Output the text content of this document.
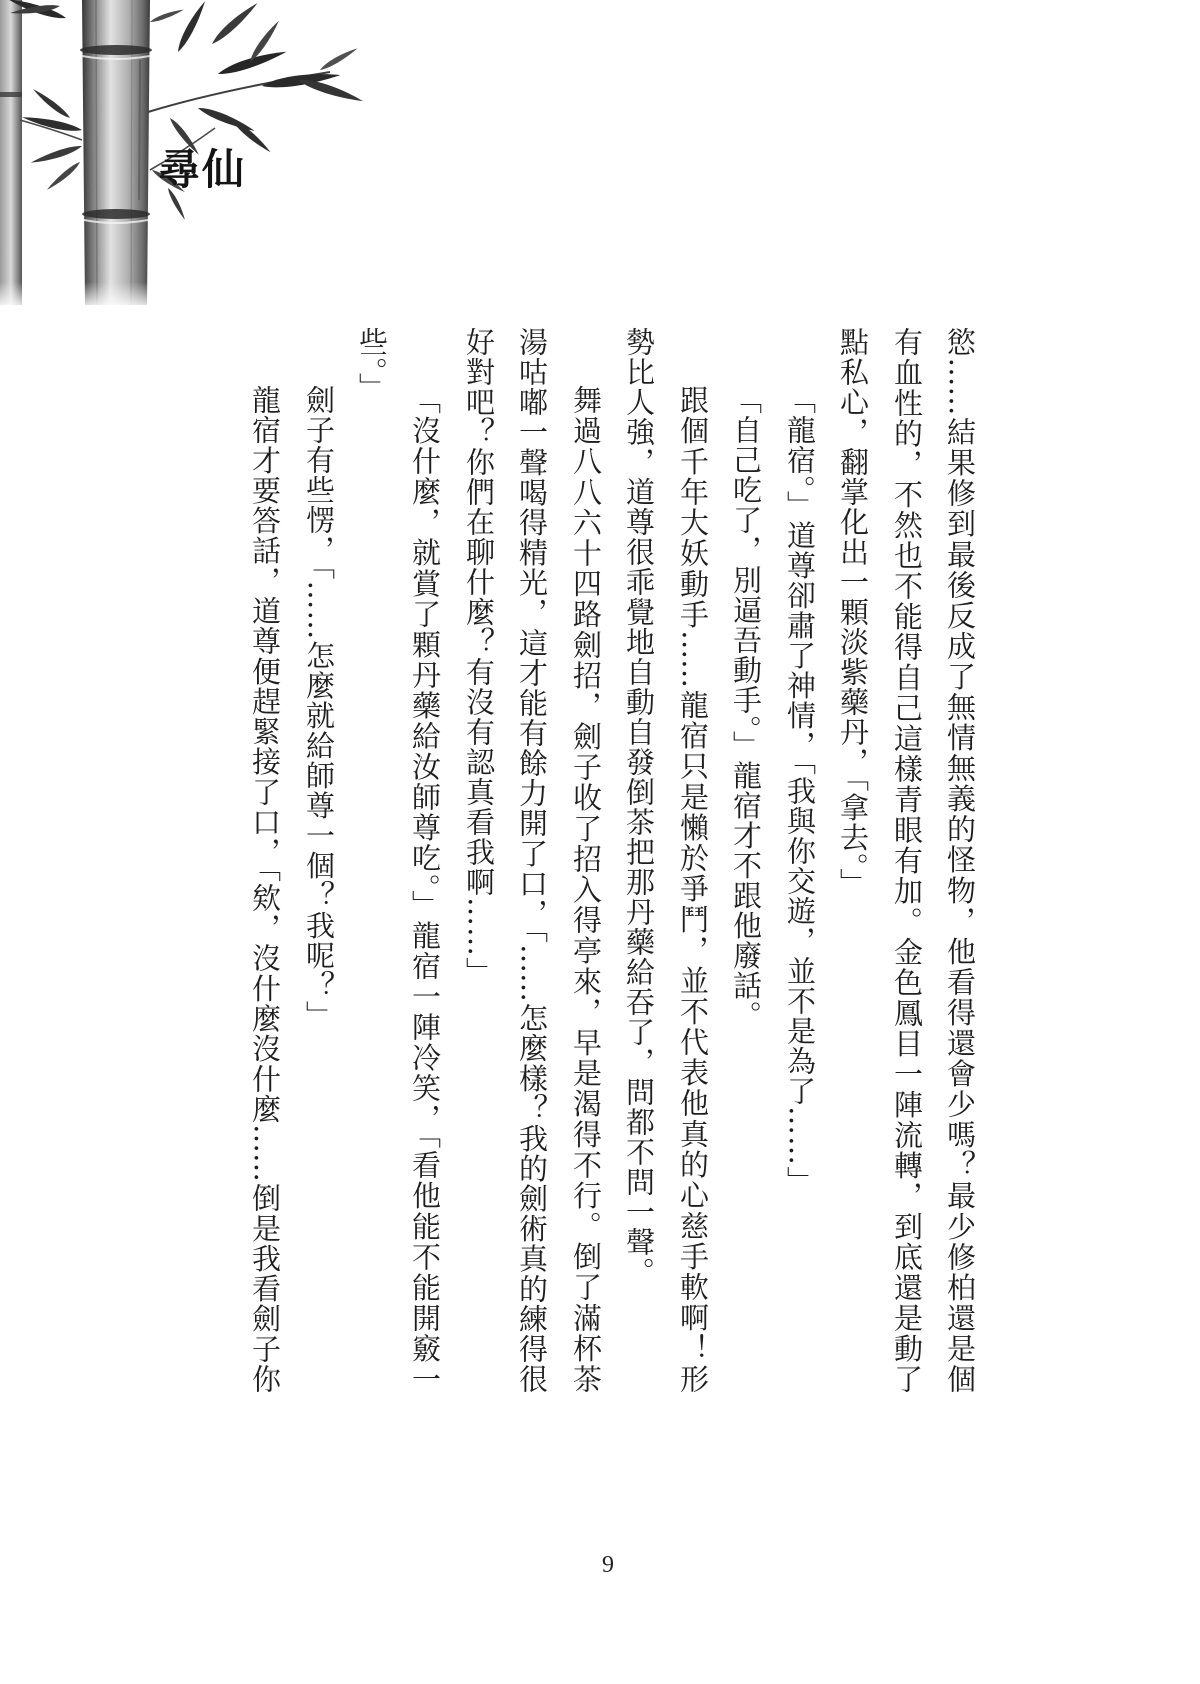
尋仙
慾……結果修到最後反成了無情無義的怪物，他看得還會少嗎？最少修柏還是個
有血性的，不然也不能得自己這樣青眼有加。金色鳳目一陣流轉，到底還是動了
點私心，翻掌化出一顆淡紫藥丹，「拿去。」
「龍宿。」道尊卻肅了神情，「我與你交遊，並不是為了……」
「自己吃了，別逼吾動手。」龍宿才不跟他廢話。
跟個千年大妖動手……龍宿只是懶於爭鬥，並不代表他真的心慈手軟啊！形
勢比人強，道尊很乖覺地自動自發倒茶把那丹藥給吞了，問都不問一聲。
舞過八八六十四路劍招，劍子收了招入得亭來，早是渴得不行。倒了滿杯茶
湯咕嘟一聲喝得精光，這才能有餘力開了口，「……怎麼樣？我的劍術真的練得很
好對吧？你們在聊什麼？有沒有認真看我啊……」
「沒什麼，就賞了顆丹藥給汝師尊吃。」龍宿一陣冷笑，「看他能不能開竅一
些。」
劍子有些愣，「……怎麼就給師尊一個？我呢？」
龍宿才要答話，道尊便趕緊接了口，「欸，沒什麼沒什麼……倒是我看劍子你
9
